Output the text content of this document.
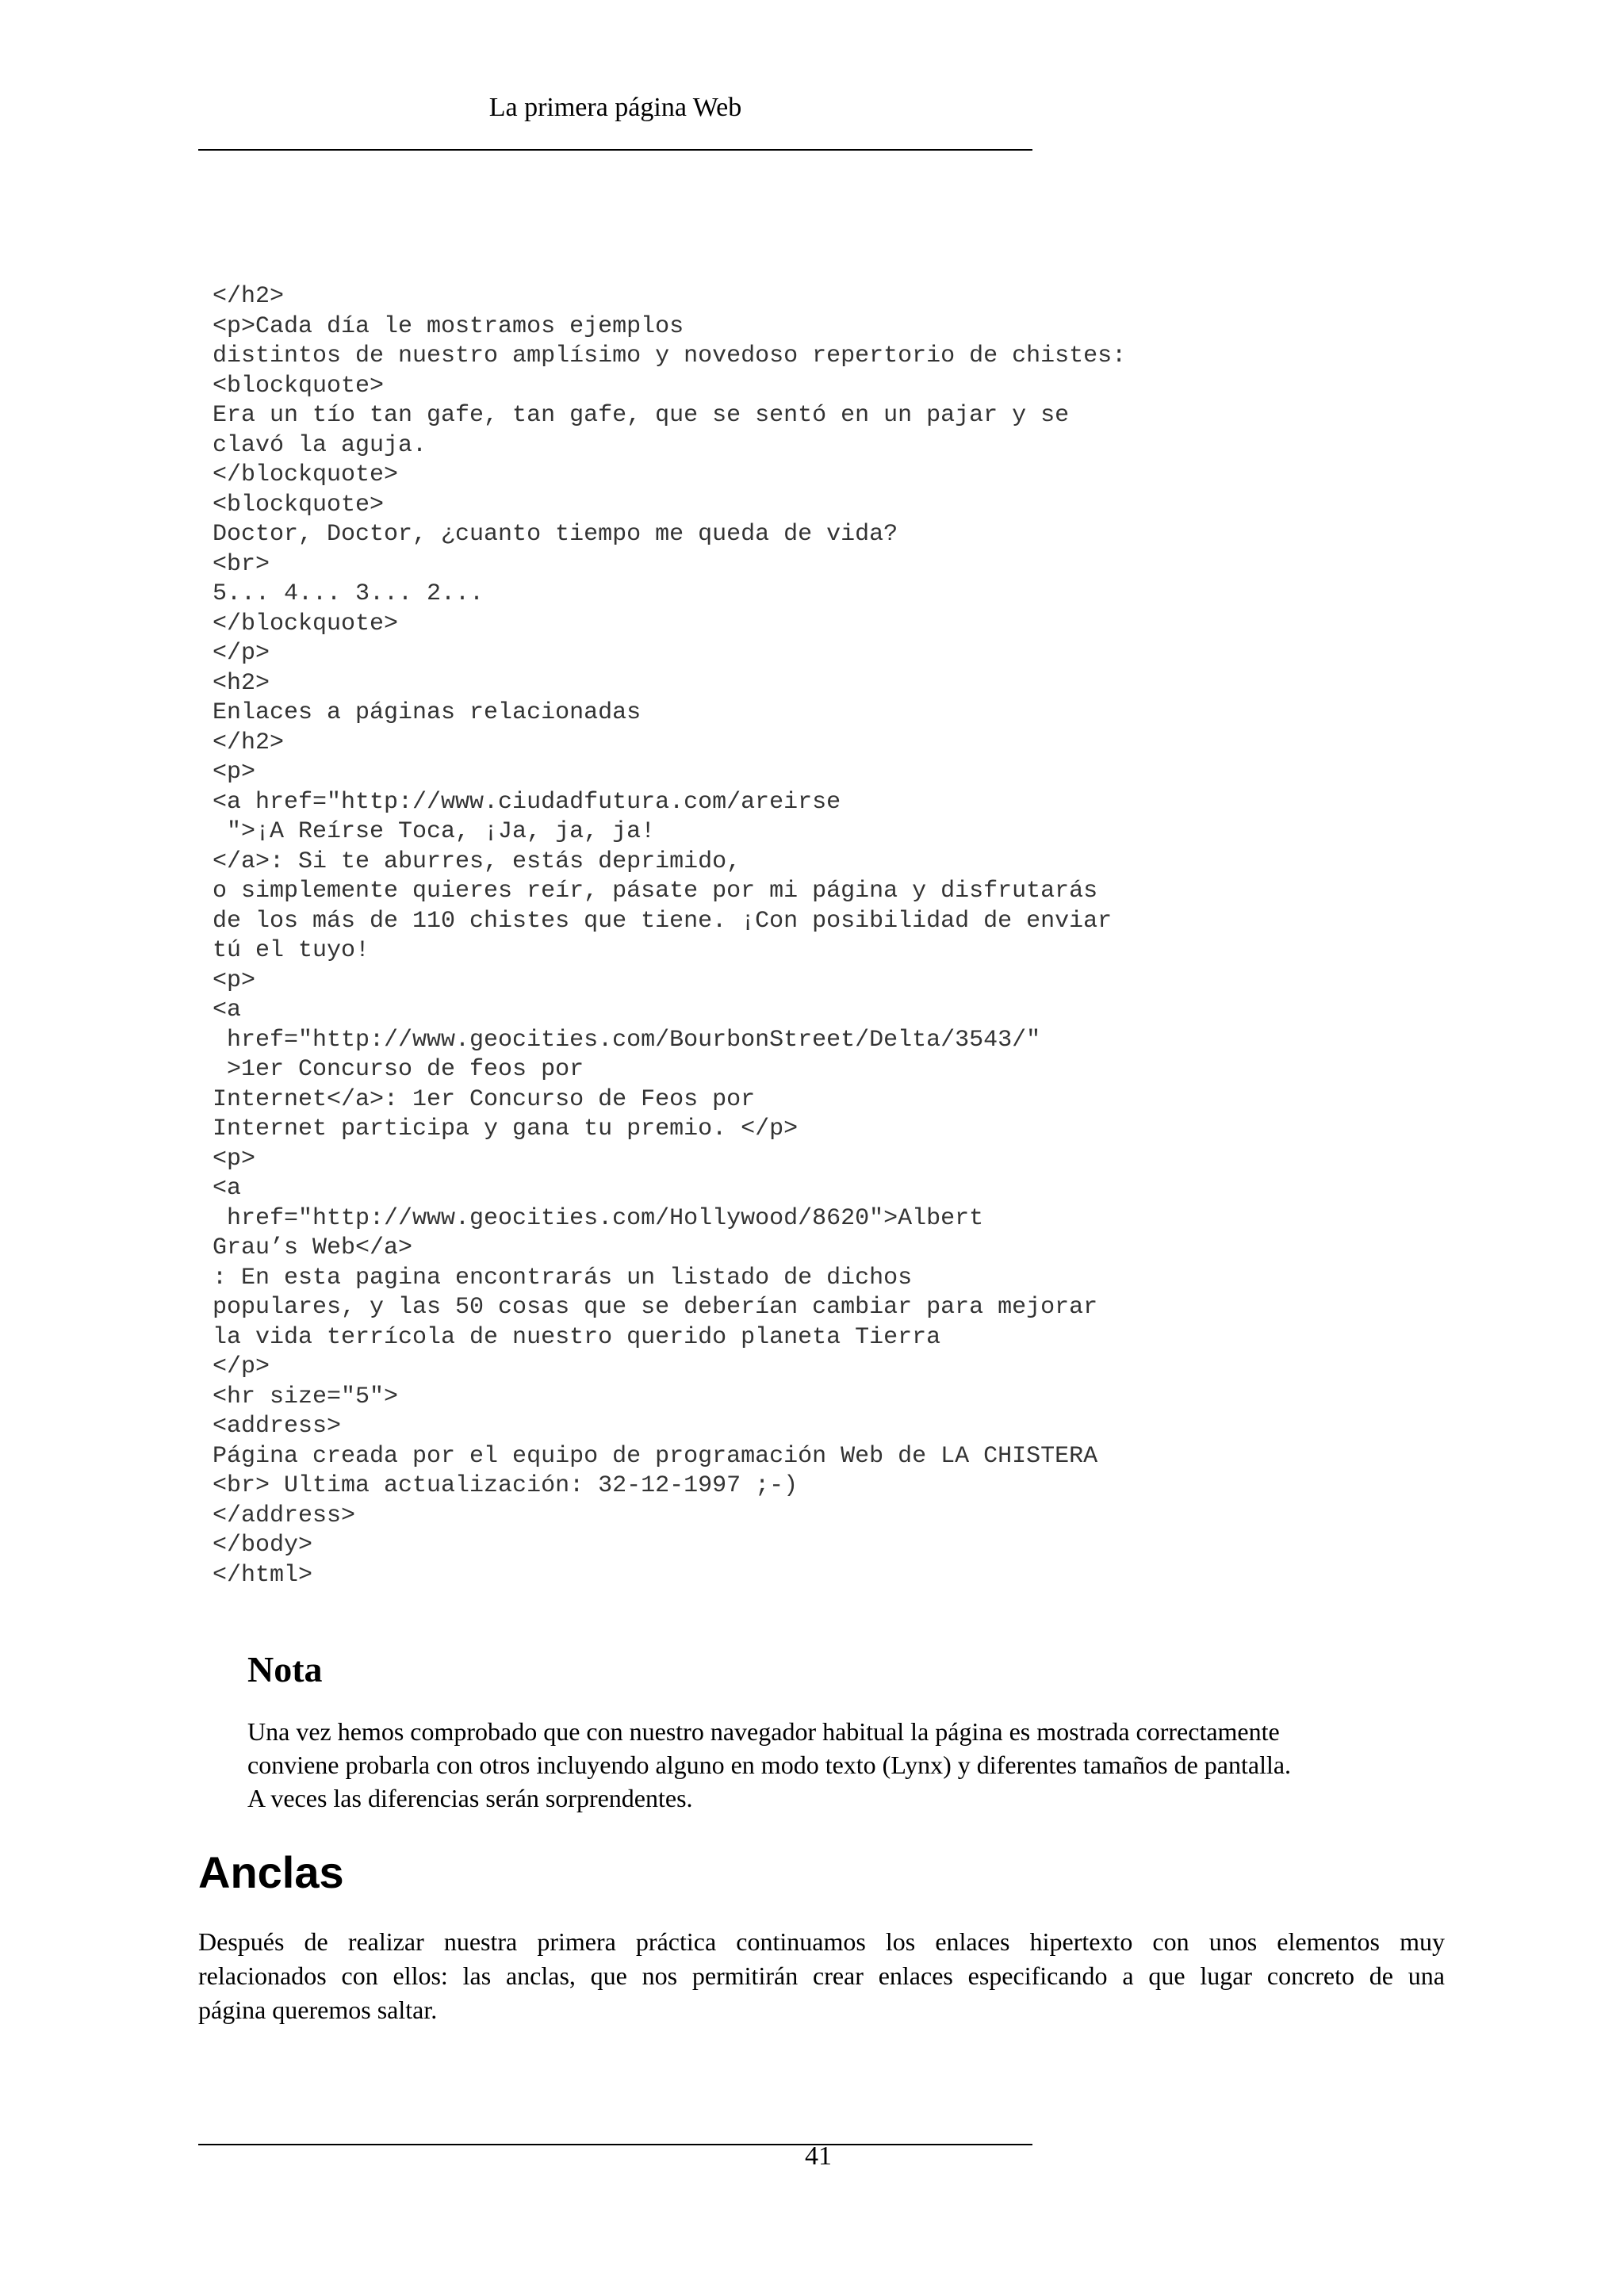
La primera página Web
</h2>
<p>Cada día le mostramos ejemplos
distintos de nuestro amplísimo y novedoso repertorio de chistes:
<blockquote>
Era un tío tan gafe, tan gafe, que se sentó en un pajar y se
clavó la aguja.
</blockquote>
<blockquote>
Doctor, Doctor, ¿cuanto tiempo me queda de vida?
<br>
5... 4... 3... 2...
</blockquote>
</p>
<h2>
Enlaces a páginas relacionadas
</h2>
<p>
<a href="http://www.ciudadfutura.com/areirse
">¡A Reírse Toca, ¡Ja, ja, ja!
</a>: Si te aburres, estás deprimido,
o simplemente quieres reír, pásate por mi página y disfrutarás
de los más de 110 chistes que tiene. ¡Con posibilidad de enviar
tú el tuyo!
<p>
<a
href="http://www.geocities.com/BourbonStreet/Delta/3543/"
>1er Concurso de feos por
Internet</a>: 1er Concurso de Feos por
Internet participa y gana tu premio. </p>
<p>
<a
href="http://www.geocities.com/Hollywood/8620">Albert
Grau’s Web</a>
: En esta pagina encontrarás un listado de dichos
populares, y las 50 cosas que se deberían cambiar para mejorar
la vida terrícola de nuestro querido planeta Tierra
</p>
<hr size="5">
<address>
Página creada por el equipo de programación Web de LA CHISTERA
<br> Ultima actualización: 32-12-1997 ;-)
</address>
</body>
</html>
Nota
Una vez hemos comprobado que con nuestro navegador habitual la página es mostrada correctamente
conviene probarla con otros incluyendo alguno en modo texto (Lynx) y diferentes tamaños de pantalla.
A veces las diferencias serán sorprendentes.
Anclas
Después de realizar nuestra primera práctica continuamos los enlaces hipertexto con unos elementos muy
relacionados con ellos: las anclas, que nos permitirán crear enlaces especificando a que lugar concreto de una
página queremos saltar.
41
